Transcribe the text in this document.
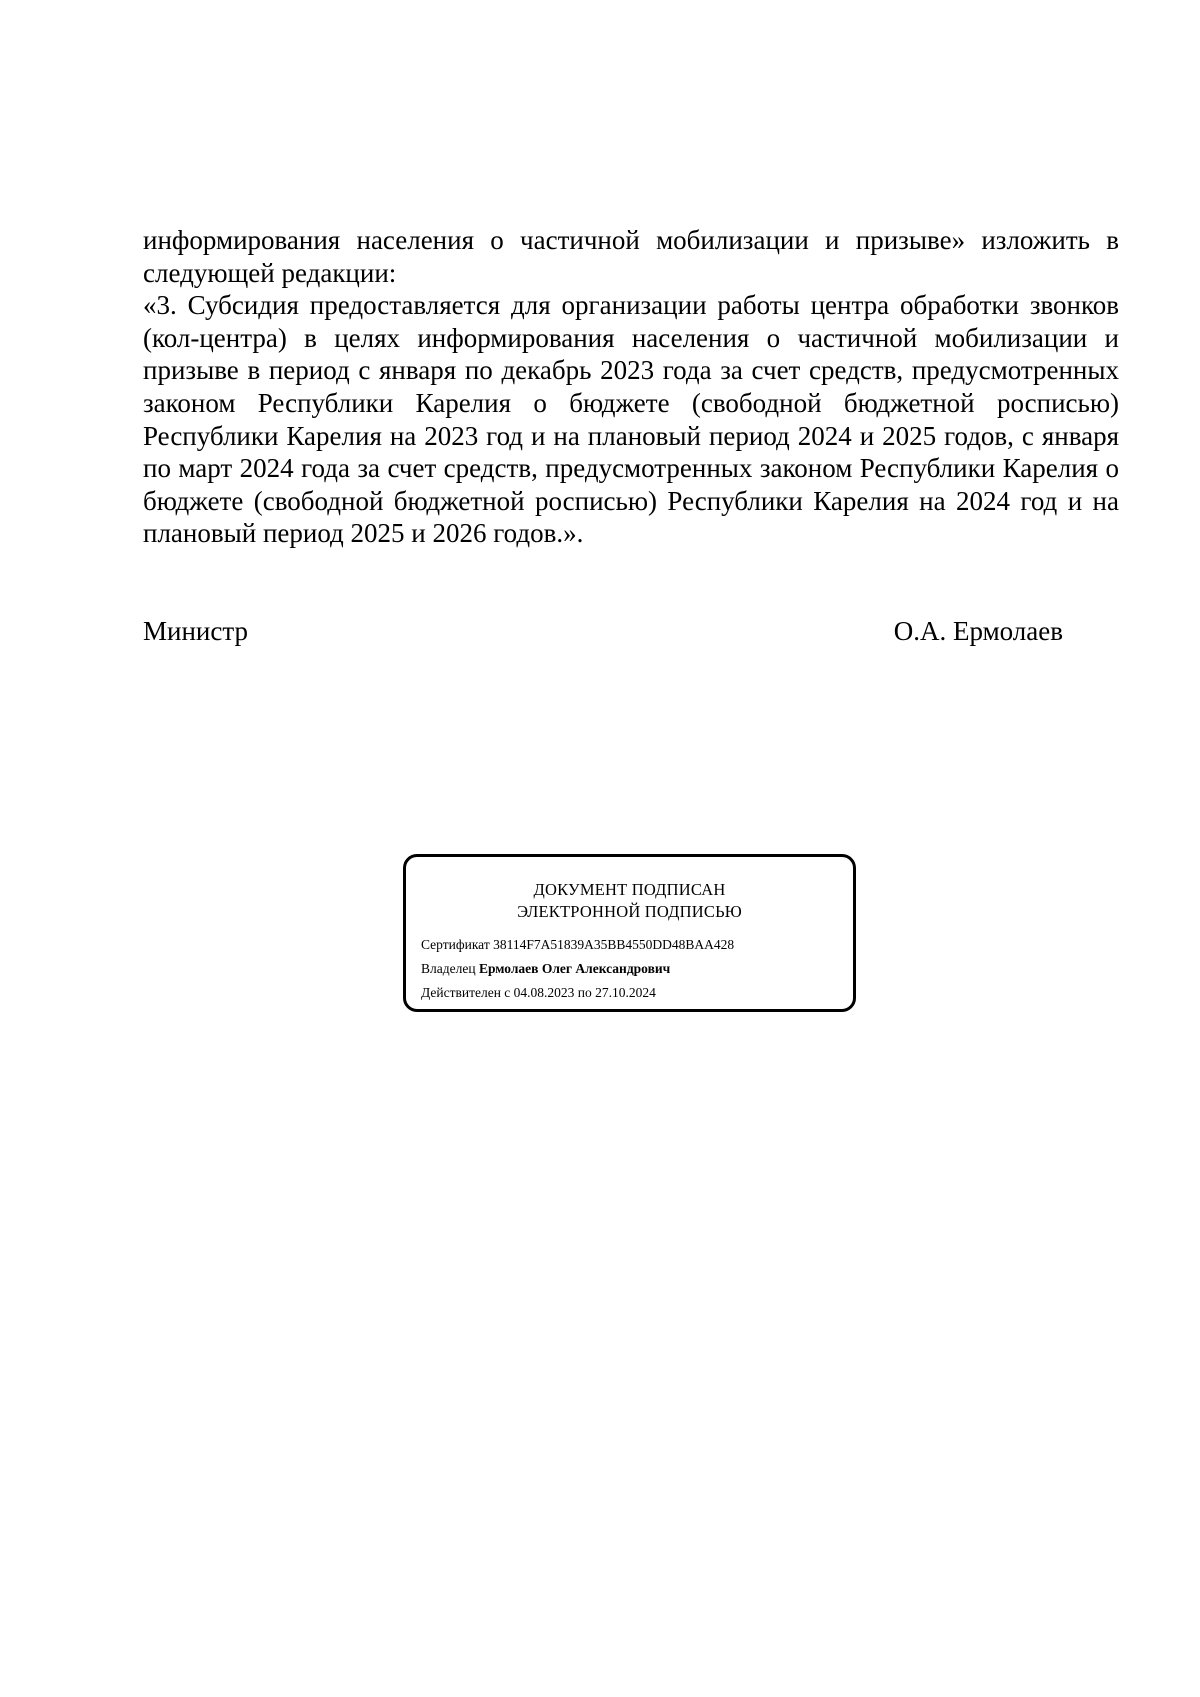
информирования населения о частичной мобилизации и призыве» изложить в следующей редакции:

«3. Субсидия предоставляется для организации работы центра обработки звонков (кол-центра) в целях информирования населения о частичной мобилизации и призыве в период с января по декабрь 2023 года за счет средств, предусмотренных законом Республики Карелия о бюджете (свободной бюджетной росписью) Республики Карелия на 2023 год и на плановый период 2024 и 2025 годов, с января по март 2024 года за счет средств, предусмотренных законом Республики Карелия о бюджете (свободной бюджетной росписью) Республики Карелия на 2024 год и на плановый период 2025 и 2026 годов.».

Министр	О.А. Ермолаев
ДОКУМЕНТ ПОДПИСАН
ЭЛЕКТРОННОЙ ПОДПИСЬЮ
Сертификат 38114F7A51839A35BB4550DD48BAA428
Владелец Ермолаев Олег Александрович
Действителен с 04.08.2023 по 27.10.2024
